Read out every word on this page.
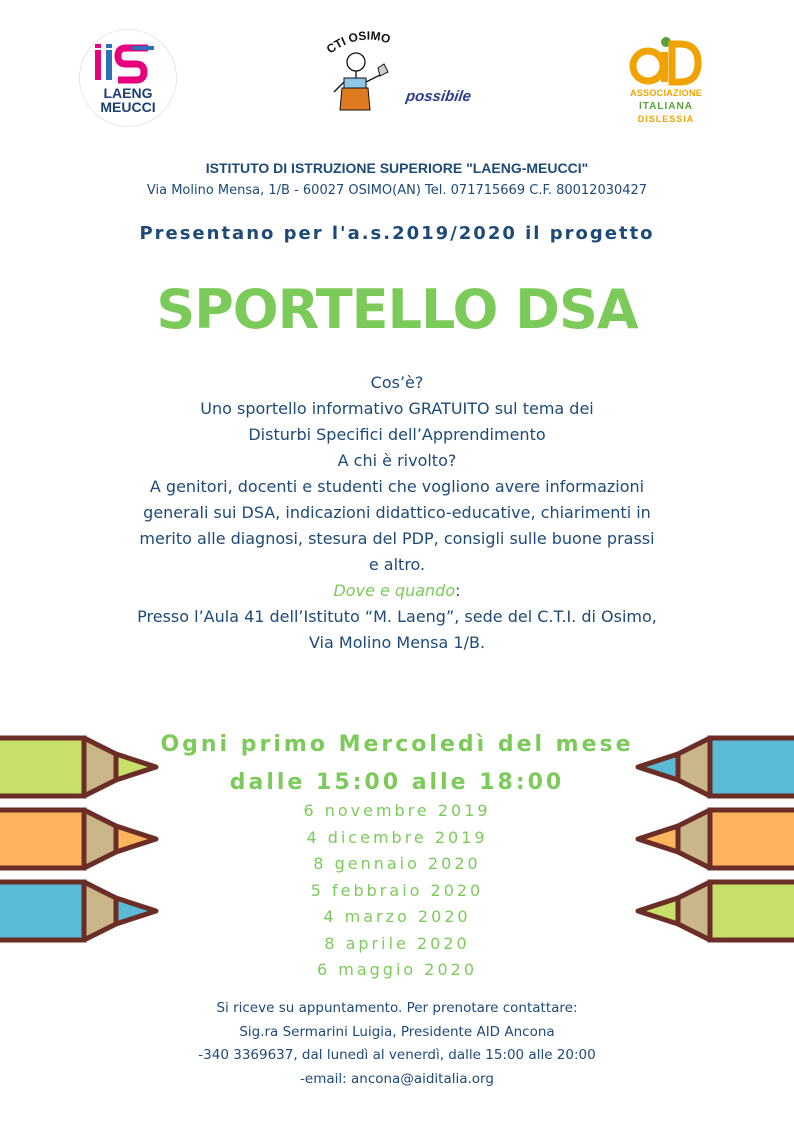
LAENG
MEUCCI
CTI OSIMO
possibile	ASSOCIAZIONE
ITALIANA
DISLESSIA
ISTITUTO DI ISTRUZIONE SUPERIORE "LAENG-MEUCCI"
Via Molino Mensa, 1/B - 60027 OSIMO(AN) Tel. 071715669 C.F. 80012030427
Presentano per l'a.s.2019/2020 il progetto
SPORTELLO DSA
Cos’è?
Uno sportello informativo GRATUITO sul tema dei
Disturbi Specifici dell’Apprendimento
A chi è rivolto?
A genitori, docenti e studenti che vogliono avere informazioni
generali sui DSA, indicazioni didattico-educative, chiarimenti in
merito alle diagnosi, stesura del PDP, consigli sulle buone prassi
e altro.
Dove e quando:
Presso l’Aula 41 dell’Istituto “M. Laeng”, sede del C.T.I. di Osimo,
Via Molino Mensa 1/B.
Ogni primo Mercoledì del mese
dalle 15:00 alle 18:00
6 novembre 2019
4 dicembre 2019
8 gennaio 2020
5 febbraio 2020
4 marzo 2020
8 aprile 2020
6 maggio 2020
Si riceve su appuntamento. Per prenotare contattare:
Sig.ra Sermarini Luigia, Presidente AID Ancona
-340 3369637, dal lunedì al venerdì, dalle 15:00 alle 20:00
-email: ancona@aiditalia.org
